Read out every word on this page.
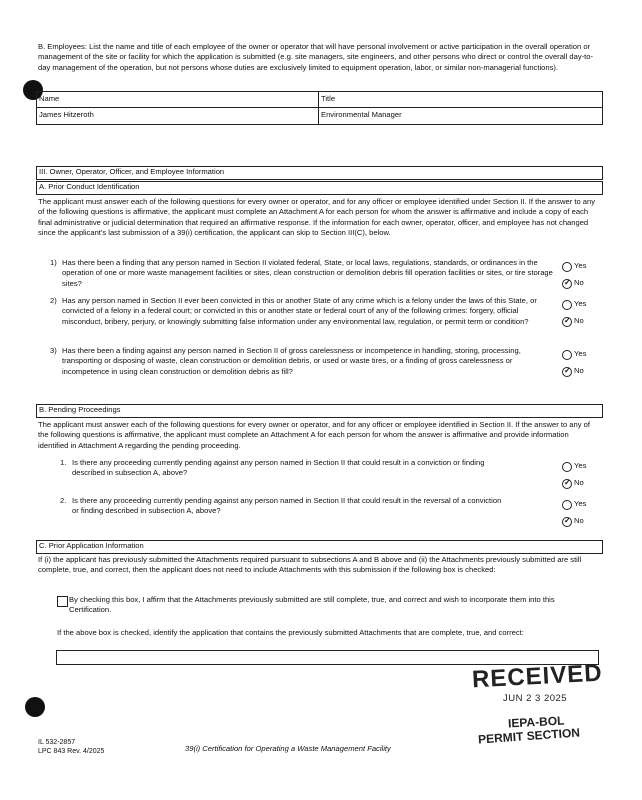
B. Employees: List the name and title of each employee of the owner or operator that will have personal involvement or active participation in the overall operation or management of the site or facility for which the application is submitted (e.g. site managers, site engineers, and other persons who direct or control the overall day-to-day management of the operation, but not persons whose duties are exclusively limited to equipment operation, labor, or similar non-managerial functions).
Name	Title
James Hitzeroth	Environmental Manager
III. Owner, Operator, Officer, and Employee Information
A. Prior Conduct Identification
The applicant must answer each of the following questions for every owner or operator, and for any officer or employee identified under Section II. If the answer to any of the following questions is affirmative, the applicant must complete an Attachment A for each person for whom the answer is affirmative and include a copy of each final administrative or judicial determination that required an affirmative response. If the information for each owner, operator, officer, and employee has not changed since the applicant's last submission of a 39(i) certification, the applicant can skip to Section III(C), below.
1) Has there been a finding that any person named in Section II violated federal, State, or local laws, regulations, standards, or ordinances in the operation of one or more waste management facilities or sites, clean construction or demolition debris fill operation facilities or sites, or tire storage sites?
Yes
✓
No
2) Has any person named in Section II ever been convicted in this or another State of any crime which is a felony under the laws of this State, or convicted of a felony in a federal court; or convicted in this or another state or federal court of any of the following crimes: forgery, official misconduct, bribery, perjury, or knowingly submitting false information under any environmental law, regulation, or permit term or condition?
Yes
✓
No
3) Has there been a finding against any person named in Section II of gross carelessness or incompetence in handling, storing, processing, transporting or disposing of waste, clean construction or demolition debris, or used or waste tires, or a finding of gross carelessness or incompetence in using clean construction or demolition debris as fill?
Yes
✓
No
B. Pending Proceedings
The applicant must answer each of the following questions for every owner or operator, and for any officer or employee identified in Section II. If the answer to any of the following questions is affirmative, the applicant must complete an Attachment A for each person for whom the answer is affirmative and provide information identified in Attachment A regarding the pending proceeding.
1. Is there any proceeding currently pending against any person named in Section II that could result in a conviction or finding described in subsection A, above?
Yes
✓
No
2. Is there any proceeding currently pending against any person named in Section II that could result in the reversal of a conviction or finding described in subsection A, above?
Yes
✓
No
C. Prior Application Information
If (i) the applicant has previously submitted the Attachments required pursuant to subsections A and B above and (ii) the Attachments previously submitted are still complete, true, and correct, then the applicant does not need to include Attachments with this submission if the following box is checked:
By checking this box, I affirm that the Attachments previously submitted are still complete, true, and correct and wish to incorporate them into this Certification.
If the above box is checked, identify the application that contains the previously submitted Attachments that are complete, true, and correct:
RECEIVED
JUN 2 3 2025
IEPA-BOL
PERMIT SECTION
IL 532-2857
LPC 843 Rev. 4/2025	39(i) Certification for Operating a Waste Management Facility
